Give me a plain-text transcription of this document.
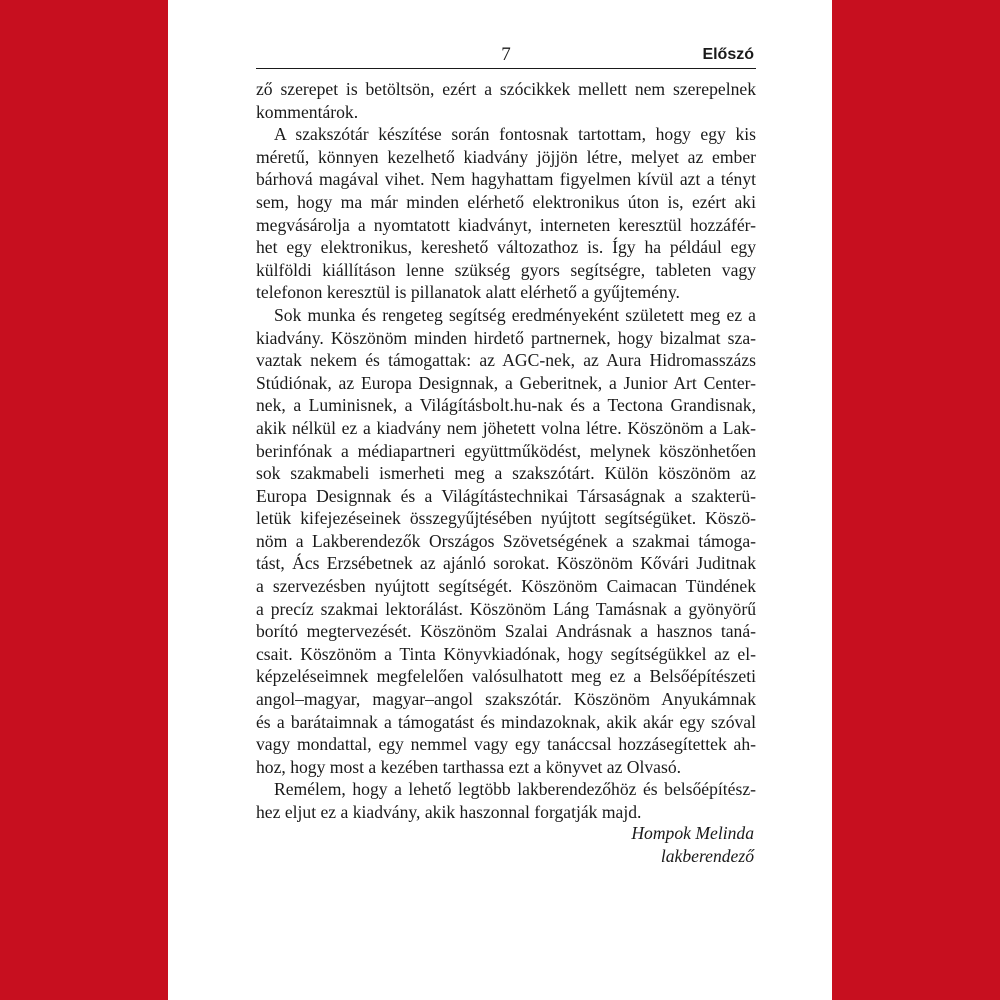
7	Előszó
ző szerepet is betöltsön, ezért a szócikkek mellett nem szerepelnek
kommentárok.
A szakszótár készítése során fontosnak tartottam, hogy egy kis
méretű, könnyen kezelhető kiadvány jöjjön létre, melyet az ember
bárhová magával vihet. Nem hagyhattam figyelmen kívül azt a tényt
sem, hogy ma már minden elérhető elektronikus úton is, ezért aki
megvásárolja a nyomtatott kiadványt, interneten keresztül hozzáfér-
het egy elektronikus, kereshető változathoz is. Így ha például egy
külföldi kiállításon lenne szükség gyors segítségre, tableten vagy
telefonon keresztül is pillanatok alatt elérhető a gyűjtemény.
Sok munka és rengeteg segítség eredményeként született meg ez a
kiadvány. Köszönöm minden hirdető partnernek, hogy bizalmat sza-
vaztak nekem és támogattak: az AGC-nek, az Aura Hidromasszázs
Stúdiónak, az Europa Designnak, a Geberitnek, a Junior Art Center-
nek, a Luminisnek, a Világításbolt.hu-nak és a Tectona Grandisnak,
akik nélkül ez a kiadvány nem jöhetett volna létre. Köszönöm a Lak-
berinfónak a médiapartneri együttműködést, melynek köszönhetően
sok szakmabeli ismerheti meg a szakszótárt. Külön köszönöm az
Europa Designnak és a Világítástechnikai Társaságnak a szakterü-
letük kifejezéseinek összegyűjtésében nyújtott segítségüket. Köszö-
nöm a Lakberendezők Országos Szövetségének a szakmai támoga-
tást, Ács Erzsébetnek az ajánló sorokat. Köszönöm Kővári Juditnak
a szervezésben nyújtott segítségét. Köszönöm Caimacan Tündének
a precíz szakmai lektorálást. Köszönöm Láng Tamásnak a gyönyörű
borító megtervezését. Köszönöm Szalai Andrásnak a hasznos taná-
csait. Köszönöm a Tinta Könyvkiadónak, hogy segítségükkel az el-
képzeléseimnek megfelelően valósulhatott meg ez a Belsőépítészeti
angol–magyar, magyar–angol szakszótár. Köszönöm Anyukámnak
és a barátaimnak a támogatást és mindazoknak, akik akár egy szóval
vagy mondattal, egy nemmel vagy egy tanáccsal hozzásegítettek ah-
hoz, hogy most a kezében tarthassa ezt a könyvet az Olvasó.
Remélem, hogy a lehető legtöbb lakberendezőhöz és belsőépítész-
hez eljut ez a kiadvány, akik haszonnal forgatják majd.
Hompok Melinda
lakberendező
